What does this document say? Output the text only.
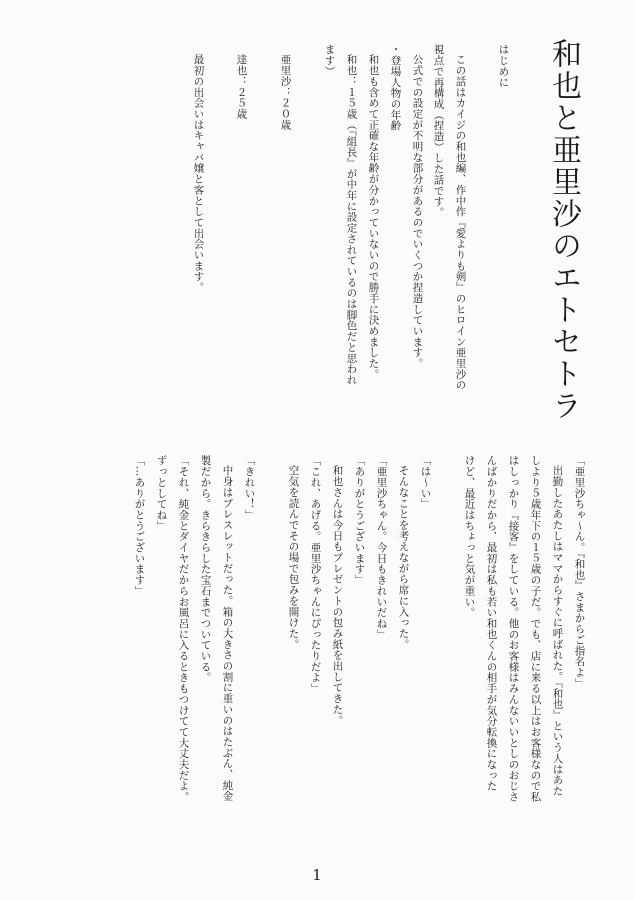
和也と亜里沙のエトセトラ
はじめに
この話はカイジの和也編、作中作『愛よりも剣』のヒロイン亜里沙の
視点で再構成（捏造）した話です。
公式での設定が不明な部分があるのでいくつか捏造しています。
・登場人物の年齢
和也も含めて正確な年齢が分かっていないので勝手に決めました。
和也：１５歳（『組長』が中年に設定されているのは脚色だと思われ
ます）
亜里沙：２０歳
達也：２５歳
最初の出会いはキャバ嬢と客として出会います。
「亜里沙ちゃ〜ん。『和也』さまからご指名よ」
出勤したあたしはママからすぐに呼ばれた。『和也』という人はあた
しより５歳年下の１５歳の子だ。でも、店に来る以上はお客様なので私
はしっかり『接客』をしている。他のお客様はみんないいとしのおじさ
んばかりだから、最初は私も若い和也くんの相手が気分転換になった
けど、最近はちょっと気が重い。
「は〜い」
そんなことを考えながら席に入った。
「亜里沙ちゃん。今日もきれいだね」
「ありがとうございます」
和也さんは今日もプレゼントの包み紙を出してきた。
「これ、あげる。亜里沙ちゃんにぴったりだよ」
空気を読んでその場で包みを開けた。
「きれい！」
中身はブレスレットだった。箱の大きさの割に重いのはたぶん、純金
製だから。きらきらした宝石までついている。
「それ、純金とダイヤだからお風呂に入るときもつけてて大丈夫だよ。
ずっとしてね」
「…ありがとうございます」
1
